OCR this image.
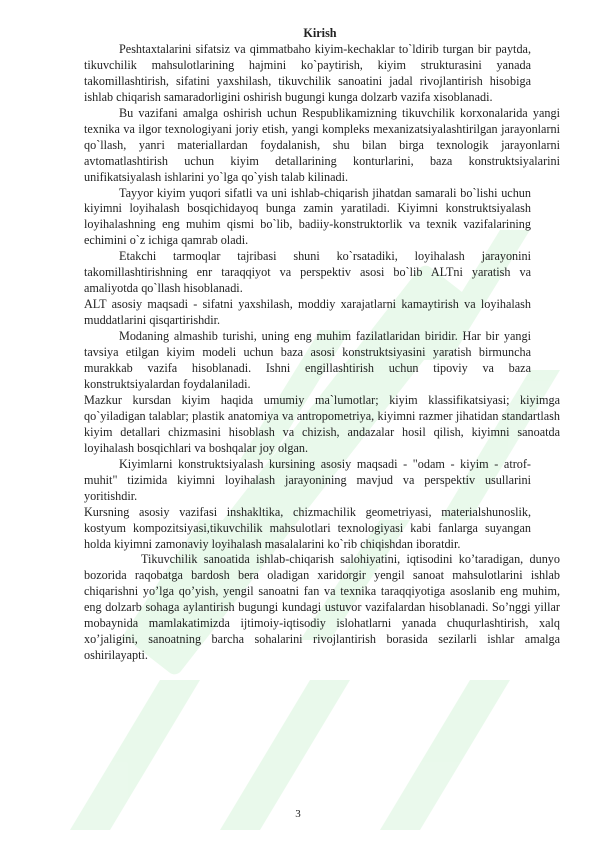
Kirish

Peshtaxtalarini sifatsiz va qimmatbaho kiyim-kechaklar to`ldirib turgan bir paytda, tikuvchilik mahsulotlarining hajmini ko`paytirish, kiyim strukturasini yanada takomillashtirish, sifatini yaxshilash, tikuvchilik sanoatini jadal rivojlantirish hisobiga ishlab chiqarish samaradorligini oshirish bugungi kunga dolzarb vazifa xisoblanadi.

Bu vazifani amalga oshirish uchun Respublikamizning tikuvchilik korxonalarida yangi texnika va ilgor texnologiyani joriy etish, yangi kompleks mexanizatsiyalashtirilgan jarayonlarni qo`llash, yanгi materiallardan foydalanish, shu bilan birga texnologik jarayonlarni avtomatlashtirish uchun kiyim detallarining konturlarini, baza konstruktsiyalarini unifikatsiyalash ishlarini yo`lga qo`yish talab kilinadi.

Tayyor kiyim yuqori sifatli va uni ishlab-chiqarish jihatdan samarali bo`lishi uchun kiyimni loyihalash bosqichidayoq bunga zamin yaratiladi. Kiyimni konstruktsiyalash loyihalashning eng muhim qismi bo`lib, badiiy-konstruktorlik va texnik vazifalarining echimini o`z ichiga qamrab oladi.

Etakchi tarmoqlar tajribasi shuni ko`rsatadiki, loyihalash jarayonini takomillashtirishning enr taraqqiyot va perspektiv asosi bo`lib ALTni yaratish va amaliyotda qo`llash hisoblanadi.

ALT asosiy maqsadi - sifatni yaxshilash, moddiy xarajatlarni kamaytirish va loyihalash muddatlarini qisqartirishdir.

Modaning almashib turishi, uning eng muhim fazilatlaridan biridir. Har bir yangi tavsiya etilgan kiyim modeli uchun baza asosi konstruktsiyasini yaratish birmuncha murakkab vazifa hisoblanadi. Ishni engillashtirish uchun tipoviy va baza konstruktsiyalardan foydalaniladi.

Mazkur kursdan kiyim haqida umumiy ma`lumotlar; kiyim klassifikatsiyasi; kiyimga qo`yiladigan talablar; plastik anatomiya va antropometriya, kiyimni razmer jihatidan standartlash kiyim detallari chizmasini hisoblash va chizish, andazalar hosil qilish, kiyimni sanoatda loyihalash bosqichlari va boshqalar joy olgan.

Kiyimlarni konstruktsiyalash kursining asosiy maqsadi - "odam - kiyim - atrof-muhit" tizimida kiyimni loyihalash jarayonining mavjud va perspektiv usullarini yoritishdir.

Kursning asosiy vazifasi inshakltika, chizmachilik geometriyasi, materialshunoslik, kostyum kompozitsiyasi,tikuvchilik mahsulotlari texnologiyasi kabi fanlarga suyangan holda kiyimni zamonaviy loyihalash masalalarini ko`rib chiqishdan iboratdir.

Tikuvchilik sanoatida ishlab-chiqarish salohiyatini, iqtisodini ko’taradigan, dunyo bozorida raqobatga bardosh bera oladigan xaridorgir yengil sanoat mahsulotlarini ishlab chiqarishni yo’lga qo’yish, yengil sanoatni fan va texnika taraqqiyotiga asoslanib eng muhim, eng dolzarb sohaga aylantirish bugungi kundagi ustuvor vazifalardan hisoblanadi. So’nggi yillar mobaynida mamlakatimizda ijtimoiy-iqtisodiy islohatlarni yanada chuqurlashtirish, xalq xo’jaligini, sanoatning barcha sohalarini rivojlantirish borasida sezilarli ishlar amalga oshirilayapti.

3
